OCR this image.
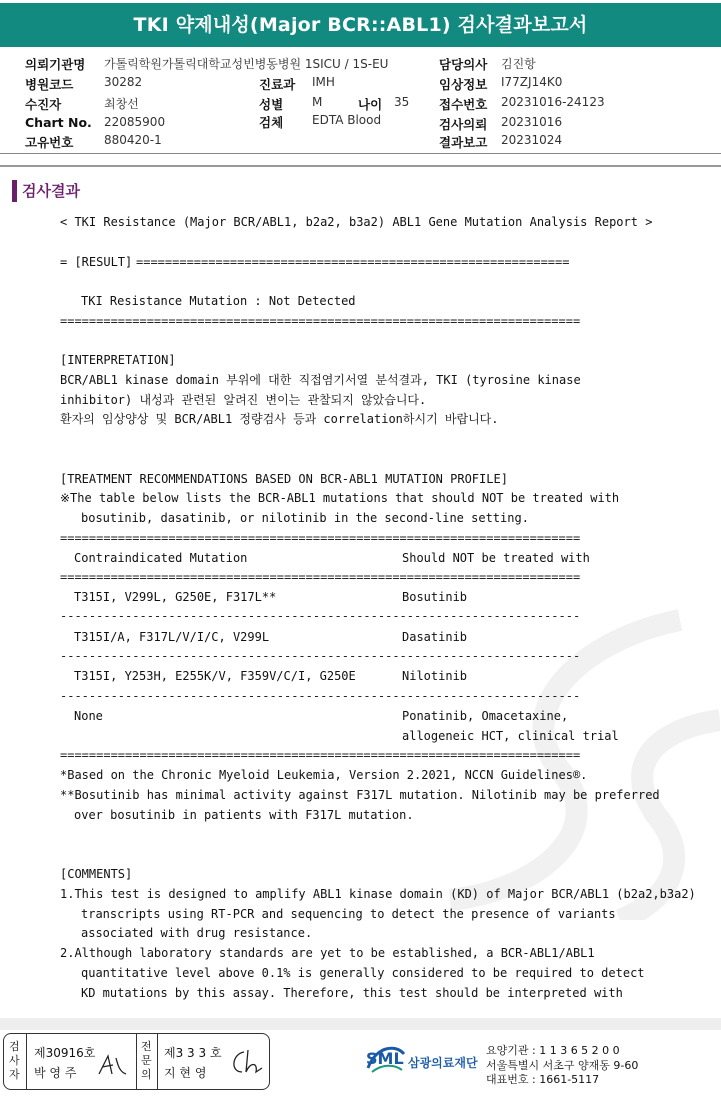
TKI 약제내성(Major BCR::ABL1) 검사결과보고서
의뢰기관명 가톨릭학원가톨릭대학교성빈병동병원 1SICU / 1S-EU
병원코드	30282
수진자	최창선
Chart No. 22085900
고유번호	880420-1
진료과 IMH
성별 M	나이 35
검체 EDTA Blood
담당의사 김진항
임상정보 I77ZJ14K0
접수번호 20231016-24123
검사의뢰 20231016
결과보고 20231024
검사결과
< TKI Resistance (Major BCR/ABL1, b2a2, b3a2) ABL1 Gene Mutation Analysis Report >
= [RESULT]
============================================================
TKI Resistance Mutation : Not Detected
========================================================================
[INTERPRETATION]
BCR/ABL1 kinase domain 부위에 대한 직접염기서열 분석결과, TKI (tyrosine kinase
inhibitor) 내성과 관련된 알려진 변이는 관찰되지 않았습니다.
환자의 임상양상 및 BCR/ABL1 정량검사 등과 correlation하시기 바랍니다.
[TREATMENT RECOMMENDATIONS BASED ON BCR-ABL1 MUTATION PROFILE]
※The table below lists the BCR-ABL1 mutations that should NOT be treated with
bosutinib, dasatinib, or nilotinib in the second-line setting.
========================================================================
Contraindicated Mutation	Should NOT be treated with
========================================================================
T315I, V299L, G250E, F317L**	Bosutinib
------------------------------------------------------------------------
T315I/A, F317L/V/I/C, V299L	Dasatinib
------------------------------------------------------------------------
T315I, Y253H, E255K/V, F359V/C/I, G250E	Nilotinib
------------------------------------------------------------------------
None	Ponatinib, Omacetaxine,
allogeneic HCT, clinical trial
========================================================================
*Based on the Chronic Myeloid Leukemia, Version 2.2021, NCCN Guidelines®.
**Bosutinib has minimal activity against F317L mutation. Nilotinib may be preferred
over bosutinib in patients with F317L mutation.
[COMMENTS]
1.This test is designed to amplify ABL1 kinase domain (KD) of Major BCR/ABL1 (b2a2,b3a2)
transcripts using RT-PCR and sequencing to detect the presence of variants
associated with drug resistance.
2.Although laboratory standards are yet to be established, a BCR-ABL1/ABL1
quantitative level above 0.1% is generally considered to be required to detect
KD mutations by this assay. Therefore, this test should be interpreted with
검사자
제30916호
박 영 주
전문의
제3 3 3 호
지 현 영
SML 삼광의료재단
요양기관 : 1 1 3 6 5 2 0 0
서울특별시 서초구 양재동 9-60
대표번호 : 1661-5117
